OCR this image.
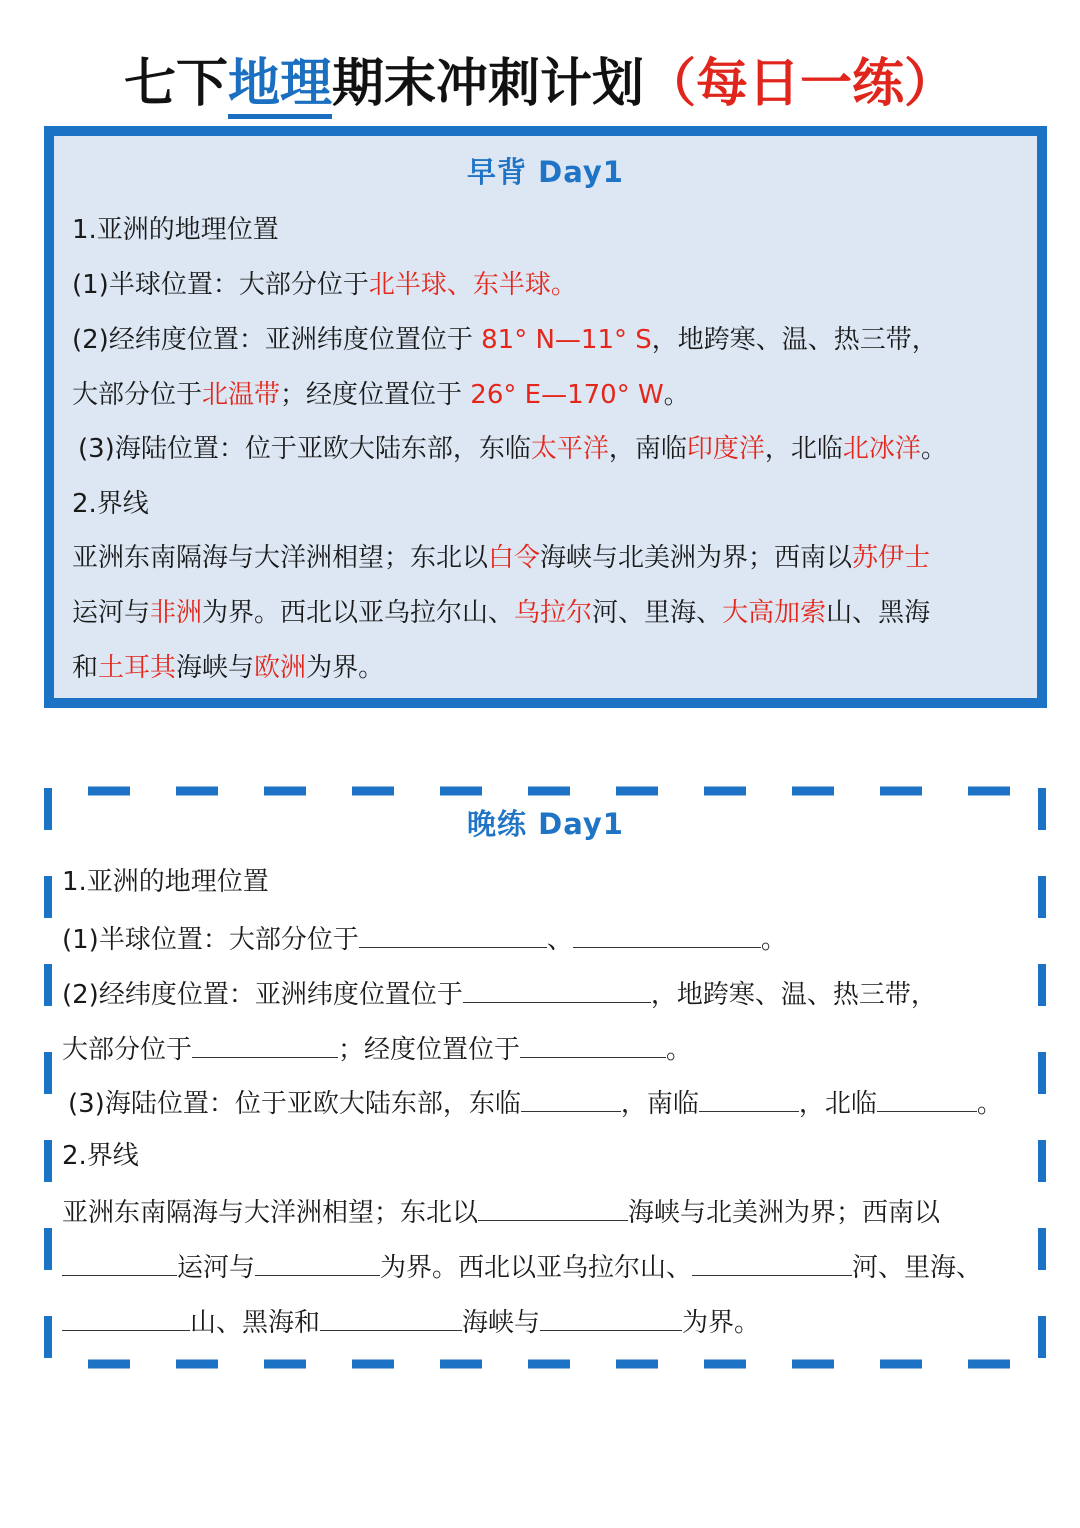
七下地理期末冲刺计划（每日一练）
早背 Day1
1.亚洲的地理位置
(1)半球位置：大部分位于北半球、东半球。
(2)经纬度位置：亚洲纬度位置位于 81° N—11° S，地跨寒、温、热三带，
大部分位于北温带；经度位置位于 26° E—170° W。
(3)海陆位置：位于亚欧大陆东部，东临太平洋，南临印度洋，北临北冰洋。
2.界线
亚洲东南隔海与大洋洲相望；东北以白令海峡与北美洲为界；西南以苏伊士
运河与非洲为界。西北以亚乌拉尔山、乌拉尔河、里海、大高加索山、黑海
和土耳其海峡与欧洲为界。
晚练 Day1
1.亚洲的地理位置
(1)半球位置：大部分位于	、	。
(2)经纬度位置：亚洲纬度位置位于	，地跨寒、温、热三带，
大部分位于	；经度位置位于	。
(3)海陆位置：位于亚欧大陆东部，东临	，南临	，北临	。
2.界线
亚洲东南隔海与大洋洲相望；东北以	海峡与北美洲为界；西南以
运河与	为界。西北以亚乌拉尔山、	河、里海、
山、黑海和	海峡与	为界。
